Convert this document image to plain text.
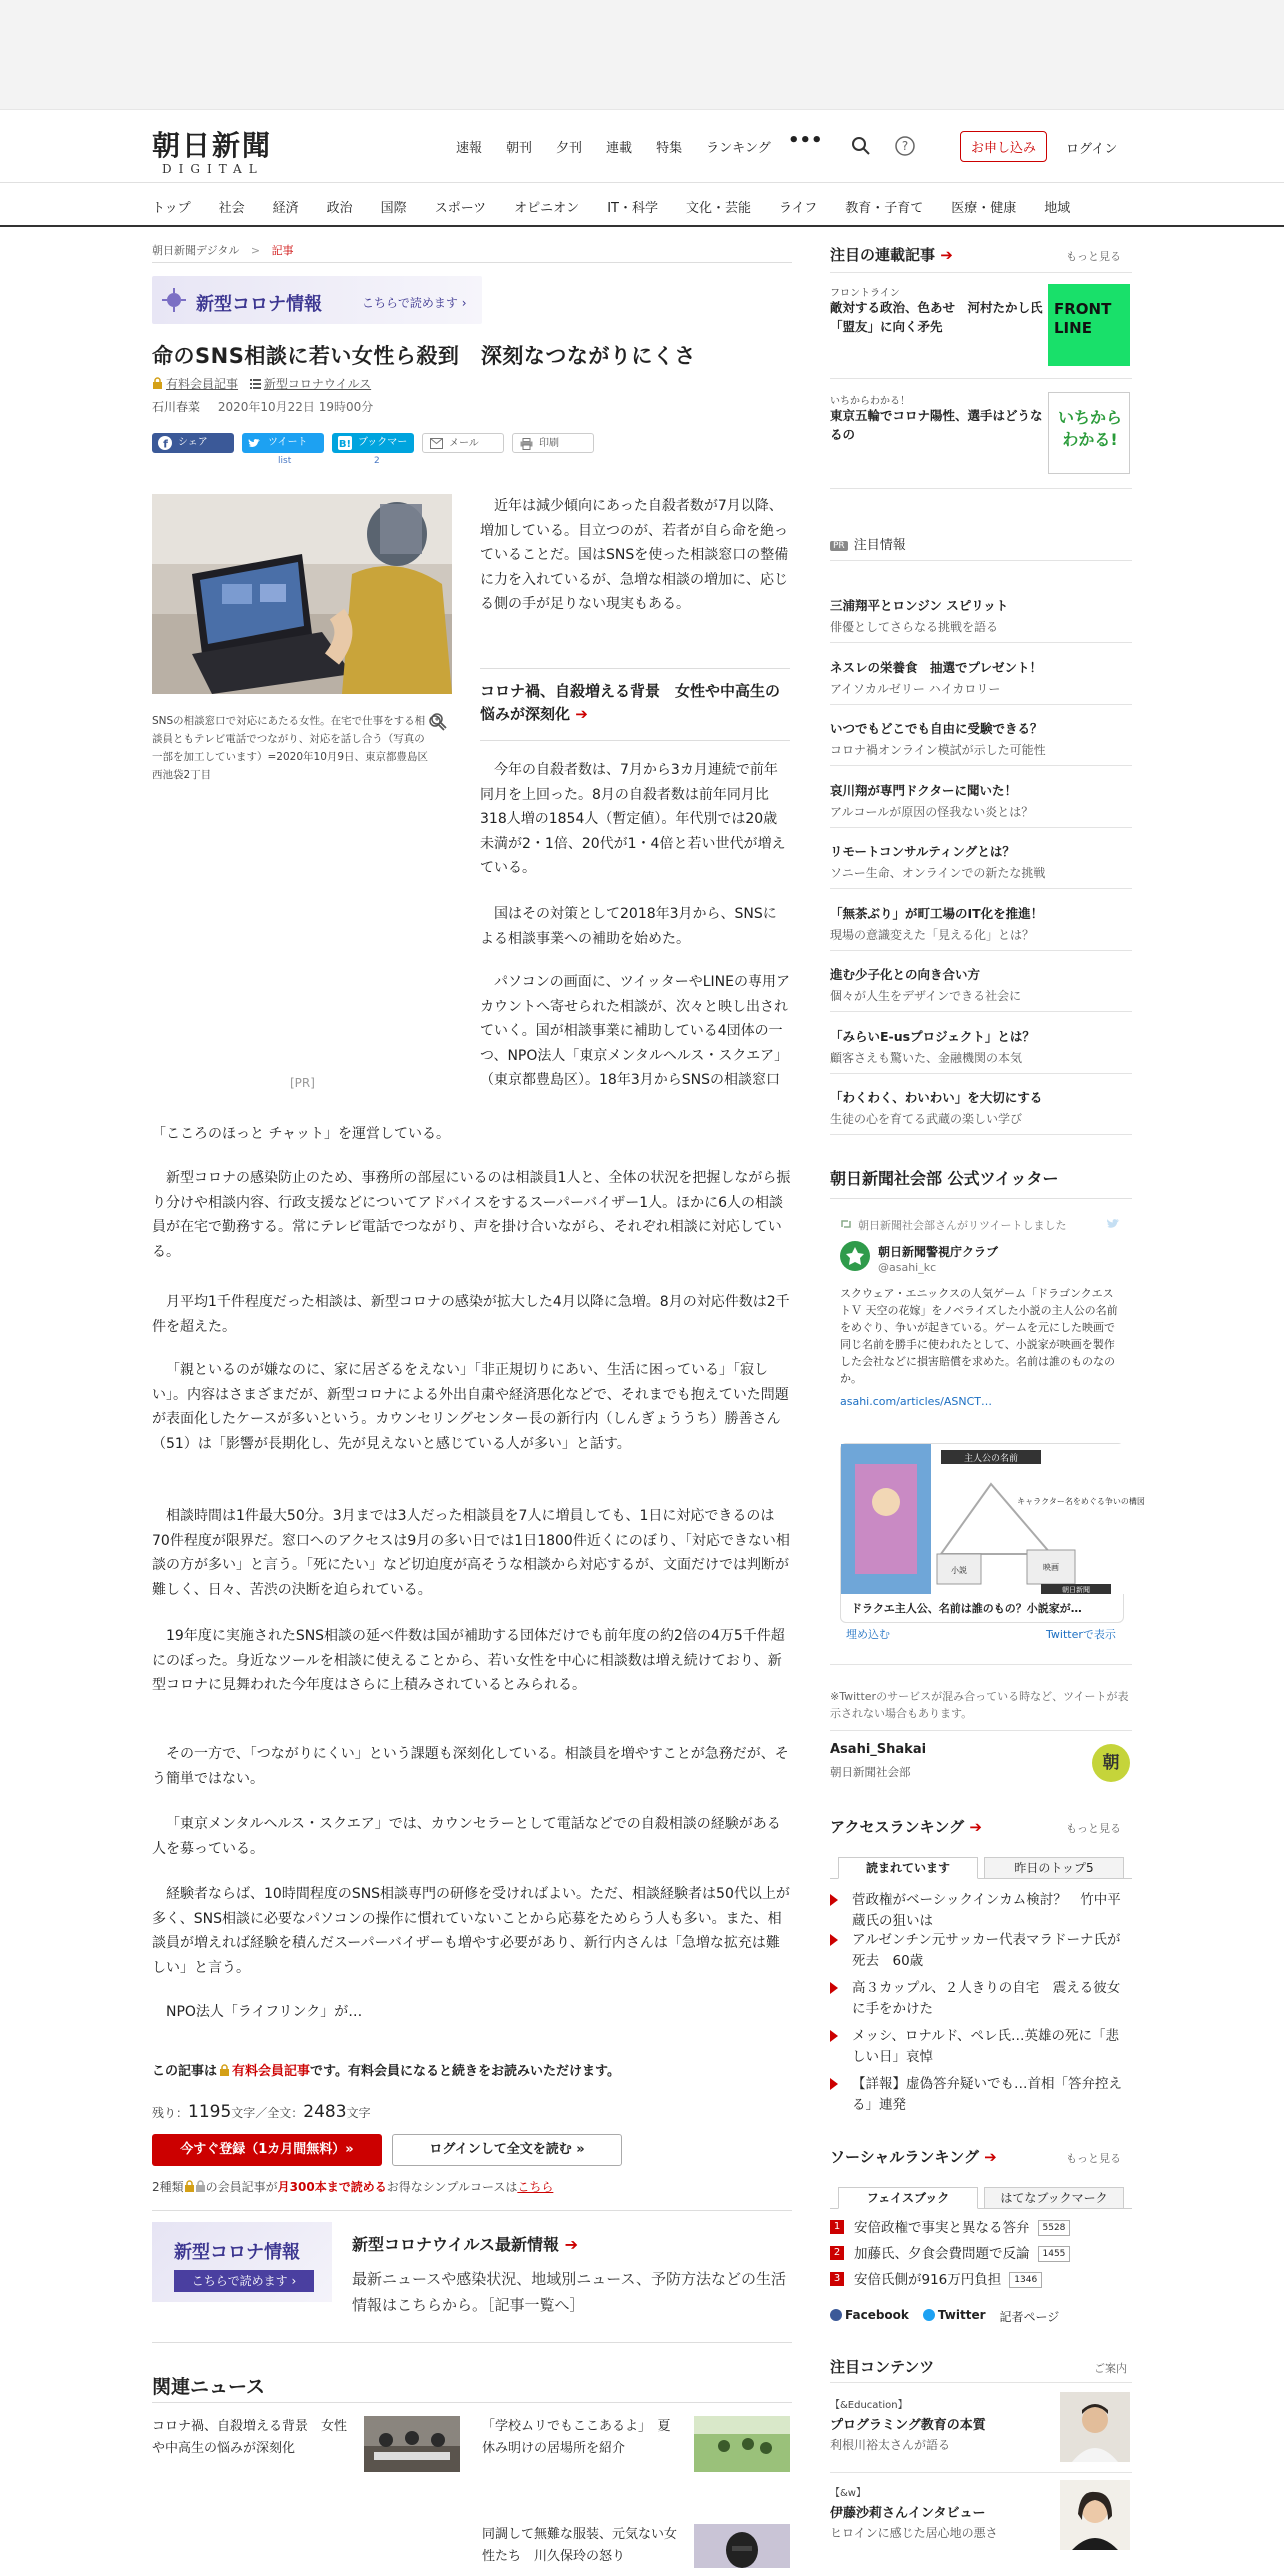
朝日新聞
DIGITAL
速報 朝刊 夕刊 連載 特集 ランキング •••	?	お申し込み	ログイン
トップ 社会 経済 政治 国際 スポーツ オピニオン IT・科学 文化・芸能 ライフ 教育・子育て 医療・健康 地域
朝日新聞デジタル > 記事
新型コロナ情報	こちらで読めます ›
命のSNS相談に若い女性ら殺到　深刻なつながりにくさ
有料会員記事 新型コロナウイルス
石川春菜 2020年10月22日 19時00分
f シェア	ツイート
list
B! ブックマーク 2
メール	印刷
SNSの相談窓口で対応にあたる女性。在宅で仕事をする相談員ともテレビ電話でつながり、対応を話し合う（写真の一部を加工しています）=2020年10月9日、東京都豊島区西池袋2丁目
[PR]

近年は減少傾向にあった自殺者数が7月以降、増加している。目立つのが、若者が自ら命を絶っていることだ。国はSNSを使った相談窓口の整備に力を入れているが、急増な相談の増加に、応じる側の手が足りない現実もある。

コロナ禍、自殺増える背景　女性や中高生の悩みが深刻化 ➔

今年の自殺者数は、7月から3カ月連続で前年同月を上回った。8月の自殺者数は前年同月比318人増の1854人（暫定値）。年代別では20歳未満が2・1倍、20代が1・4倍と若い世代が増えている。

国はその対策として2018年3月から、SNSによる相談事業への補助を始めた。

パソコンの画面に、ツイッターやLINEの専用アカウントへ寄せられた相談が、次々と映し出されていく。国が相談事業に補助している4団体の一つ、NPO法人「東京メンタルヘルス・スクエア」（東京都豊島区）。18年3月からSNSの相談窓口

「こころのほっと チャット」を運営している。

新型コロナの感染防止のため、事務所の部屋にいるのは相談員1人と、全体の状況を把握しながら振り分けや相談内容、行政支援などについてアドバイスをするスーパーバイザー1人。ほかに6人の相談員が在宅で勤務する。常にテレビ電話でつながり、声を掛け合いながら、それぞれ相談に対応している。

月平均1千件程度だった相談は、新型コロナの感染が拡大した4月以降に急増。8月の対応件数は2千件を超えた。

「親といるのが嫌なのに、家に居ざるをえない」「非正規切りにあい、生活に困っている」「寂しい」。内容はさまざまだが、新型コロナによる外出自粛や経済悪化などで、それまでも抱えていた問題が表面化したケースが多いという。カウンセリングセンター長の新行内（しんぎょううち）勝善さん（51）は「影響が長期化し、先が見えないと感じている人が多い」と話す。

相談時間は1件最大50分。3月までは3人だった相談員を7人に増員しても、1日に対応できるのは70件程度が限界だ。窓口へのアクセスは9月の多い日では1日1800件近くにのぼり、「対応できない相談の方が多い」と言う。「死にたい」など切迫度が高そうな相談から対応するが、文面だけでは判断が難しく、日々、苦渋の決断を迫られている。

19年度に実施されたSNS相談の延べ件数は国が補助する団体だけでも前年度の約2倍の4万5千件超にのぼった。身近なツールを相談に使えることから、若い女性を中心に相談数は増え続けており、新型コロナに見舞われた今年度はさらに上積みされているとみられる。

その一方で、「つながりにくい」という課題も深刻化している。相談員を増やすことが急務だが、そう簡単ではない。

「東京メンタルヘルス・スクエア」では、カウンセラーとして電話などでの自殺相談の経験がある人を募っている。

経験者ならば、10時間程度のSNS相談専門の研修を受ければよい。ただ、相談経験者は50代以上が多く、SNS相談に必要なパソコンの操作に慣れていないことから応募をためらう人も多い。また、相談員が増えれば経験を積んだスーパーバイザーも増やす必要があり、新行内さんは「急増な拡充は難しい」と言う。

NPO法人「ライフリンク」が…

この記事は 有料会員記事です。有料会員になると続きをお読みいただけます。
残り：1195文字／全文：2483文字
今すぐ登録（1カ月間無料）»	ログインして全文を読む »
2種類 の会員記事が月300本まで読めるお得なシンプルコースはこちら
新型コロナ情報
こちらで読めます ›
新型コロナウイルス最新情報 ➔
最新ニュースや感染状況、地域別ニュース、予防方法などの生活情報はこちらから。［記事一覧へ］
関連ニュース
コロナ禍、自殺増える背景　女性や中高生の悩みが深刻化
「学校ムリでもここあるよ」　夏休み明けの居場所を紹介
同調して無難な服装、元気ない女性たち　川久保玲の怒り
注目の連載記事 ➔	もっと見る
フロントライン
敵対する政治、色あせ　河村たかし氏「盟友」に向く矛先
FRONT LINE
いちからわかる！
東京五輪でコロナ陽性、選手はどうなるの
いちから わかる!
PR 注目情報
三浦翔平とロンジン スピリット
俳優としてさらなる挑戦を語る
ネスレの栄養食　抽選でプレゼント！
アイソカルゼリー ハイカロリー
いつでもどこでも自由に受験できる？
コロナ禍オンライン模試が示した可能性
哀川翔が専門ドクターに聞いた！
アルコールが原因の怪我ない炎とは？
リモートコンサルティングとは？
ソニー生命、オンラインでの新たな挑戦
「無茶ぶり」が町工場のIT化を推進！
現場の意識変えた「見える化」とは？
進む少子化との向き合い方
個々が人生をデザインできる社会に
「みらいE-usプロジェクト」とは？
顧客さえも驚いた、金融機関の本気
「わくわく、わいわい」を大切にする
生徒の心を育てる武蔵の楽しい学び
朝日新聞社会部 公式ツイッター
朝日新聞社会部さんがリツイートしました
朝日新聞警視庁クラブ
@asahi_kc
スクウェア・エニックスの人気ゲーム「ドラゴンクエストＶ 天空の花嫁」をノベライズした小説の主人公の名前をめぐり、争いが起きている。ゲームを元にした映画で同じ名前を勝手に使われたとして、小説家が映画を製作した会社などに損害賠償を求めた。名前は誰のものなのか。
asahi.com/articles/ASNCT…
主人公の名前
キャラクター名をめぐる争いの構図
小説	映画
朝日新聞
ドラクエ主人公、名前は誰のもの？小説家が…
埋め込む	Twitterで表示
※Twitterのサービスが混み合っている時など、ツイートが表示されない場合もあります。
Asahi_Shakai
朝日新聞社会部	朝
アクセスランキング ➔	もっと見る
読まれています	昨日のトップ5
菅政権がベーシックインカム検討？　竹中平蔵氏の狙いは
アルゼンチン元サッカー代表マラドーナ氏が死去　60歳
高３カップル、２人きりの自宅　震える彼女に手をかけた
メッシ、ロナルド、ペレ氏…英雄の死に「悲しい日」哀悼
【詳報】虚偽答弁疑いでも…首相「答弁控える」連発
ソーシャルランキング ➔	もっと見る
フェイスブック	はてなブックマーク
1 安倍政権で事実と異なる答弁 5528
2 加藤氏、夕食会費問題で反論 1455
3 安倍氏側が916万円負担 1346
Facebook	Twitter 記者ページ
注目コンテンツ	ご案内
【&Education】
プログラミング教育の本質
利根川裕太さんが語る
【&w】
伊藤沙莉さんインタビュー
ヒロインに感じた居心地の悪さ
